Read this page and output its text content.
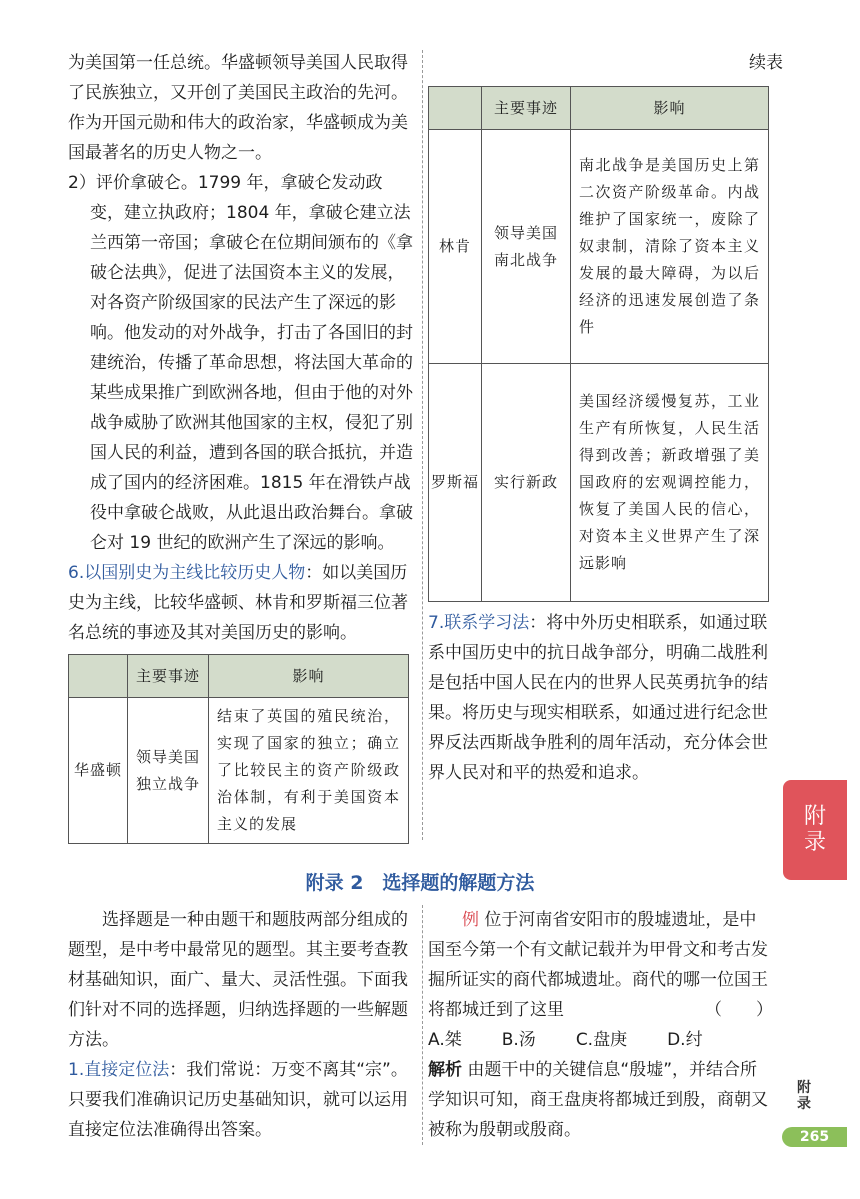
为美国第一任总统。华盛顿领导美国人民取得了民族独立，又开创了美国民主政治的先河。作为开国元勋和伟大的政治家，华盛顿成为美国最著名的历史人物之一。

2）评价拿破仑。1799 年，拿破仑发动政变，建立执政府；1804 年，拿破仑建立法兰西第一帝国；拿破仑在位期间颁布的《拿破仑法典》，促进了法国资本主义的发展，对各资产阶级国家的民法产生了深远的影响。他发动的对外战争，打击了各国旧的封建统治，传播了革命思想，将法国大革命的某些成果推广到欧洲各地，但由于他的对外战争威胁了欧洲其他国家的主权，侵犯了别国人民的利益，遭到各国的联合抵抗，并造成了国内的经济困难。1815 年在滑铁卢战役中拿破仑战败，从此退出政治舞台。拿破仑对 19 世纪的欧洲产生了深远的影响。

6.以国别史为主线比较历史人物：如以美国历史为主线，比较华盛顿、林肯和罗斯福三位著名总统的事迹及其对美国历史的影响。

	主要事迹	影响
华盛顿	领导美国独立战争	结束了英国的殖民统治，实现了国家的独立；确立了比较民主的资产阶级政治体制，有利于美国资本主义的发展
续表
	主要事迹	影响
林肯	领导美国南北战争	南北战争是美国历史上第二次资产阶级革命。内战维护了国家统一，废除了奴隶制，清除了资本主义发展的最大障碍，为以后经济的迅速发展创造了条件
罗斯福	实行新政	美国经济缓慢复苏，工业生产有所恢复，人民生活得到改善；新政增强了美国政府的宏观调控能力，恢复了美国人民的信心，对资本主义世界产生了深远影响

7.联系学习法：将中外历史相联系，如通过联系中国历史中的抗日战争部分，明确二战胜利是包括中国人民在内的世界人民英勇抗争的结果。将历史与现实相联系，如通过进行纪念世界反法西斯战争胜利的周年活动，充分体会世界人民对和平的热爱和追求。

附
录
附录 2　选择题的解题方法

选择题是一种由题干和题肢两部分组成的题型，是中考中最常见的题型。其主要考查教材基础知识，面广、量大、灵活性强。下面我们针对不同的选择题，归纳选择题的一些解题方法。

1.直接定位法：我们常说：万变不离其“宗”。只要我们准确识记历史基础知识，就可以运用直接定位法准确得出答案。

例 位于河南省安阳市的殷墟遗址，是中国至今第一个有文献记载并为甲骨文和考古发掘所证实的商代都城遗址。商代的哪一位国王将都城迁到了这里	（　　）

A.桀 B.汤 C.盘庚 D.纣

解析 由题干中的关键信息“殷墟”，并结合所学知识可知，商王盘庚将都城迁到殷，商朝又被称为殷朝或殷商。

附录
265
